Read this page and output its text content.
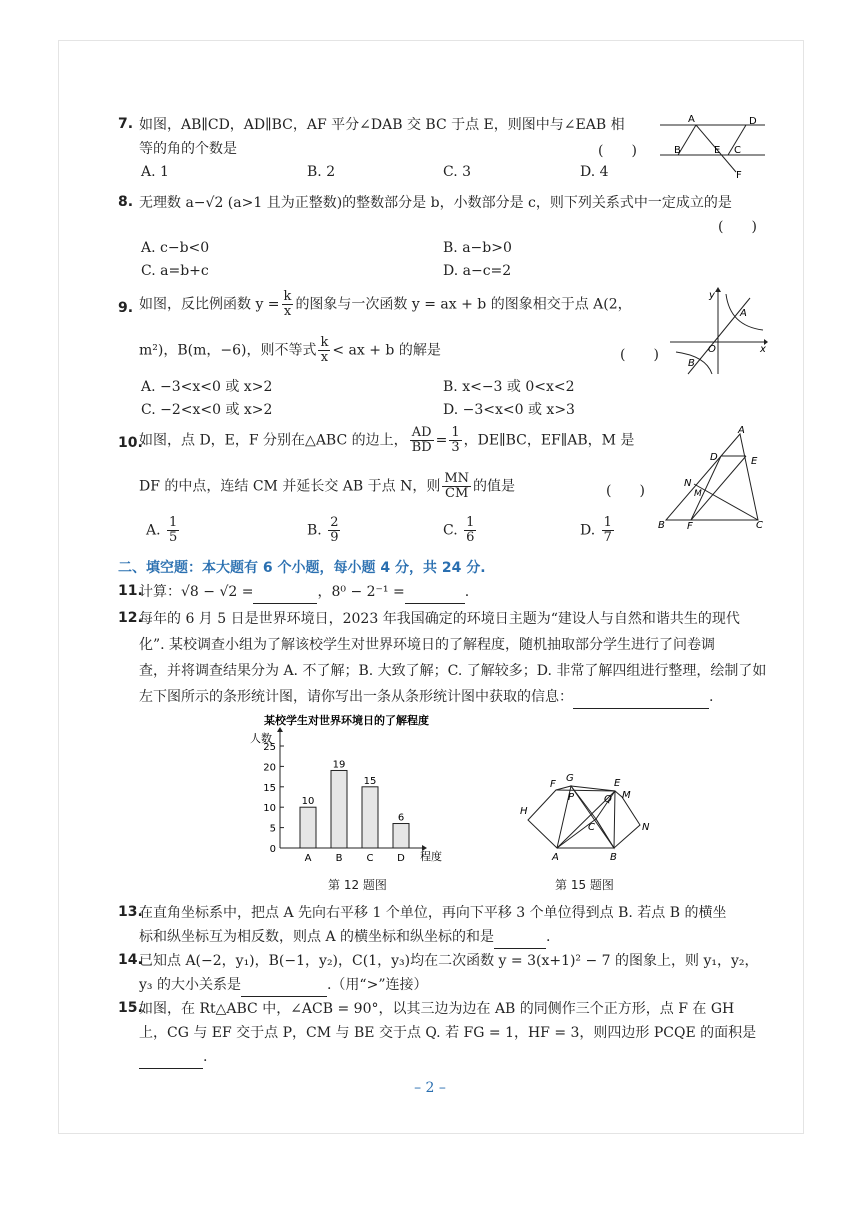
7. 如图，AB∥CD，AD∥BC，AF 平分∠DAB 交 BC 于点 E，则图中与∠EAB 相
等的角的个数是	(　　)
A. 1	B. 2	C. 3	D. 4
A	D
B	E C
F
8. 无理数 a−√2 (a>1 且为正整数)的整数部分是 b，小数部分是 c，则下列关系式中一定成立的是
(　　)
A. c−b<0	B. a−b>0
C. a=b+c	D. a−c=2
9. 如图，反比例函数 $y = \frac{k}{x}$ 的图象与一次函数 y = ax + b 的图象相交于点 A(2，
m²)，B(m，−6)，则不等式 $\frac{k}{x}$ < ax + b 的解是	(　　)
A. −3<x<0 或 x>2	B. x<−3 或 0<x<2
C. −2<x<0 或 x>2	D. −3<x<0 或 x>3
y
A
O	x
B
10.
如图，点 D，E，F 分别在△ABC 的边上， $\frac{AD}{BD} = \frac{1}{3}$ ，DE∥BC，EF∥AB，M 是
DF 的中点，连结 CM 并延长交 AB 于点 N，则 $\frac{MN}{CM}$ 的值是	(　　)
A. $\frac{1}{5}$	B. $\frac{2}{9}$	C. $\frac{1}{6}$	D. $\frac{1}{7}$
A
D	E
N
M
B F	C
二、填空题：本大题有 6 个小题，每小题 4 分，共 24 分.
11.
计算：√8 − √2 =	，8⁰ − 2⁻¹ =	.
12.
每年的 6 月 5 日是世界环境日，2023 年我国确定的环境日主题为“建设人与自然和谐共生的现代
化”. 某校调查小组为了解该校学生对世界环境日的了解程度，随机抽取部分学生进行了问卷调
查，并将调查结果分为 A. 不了解；B. 大致了解；C. 了解较多；D. 非常了解四组进行整理，绘制了如
左下图所示的条形统计图，请你写出一条从条形统计图中获取的信息：	.
某校学生对世界环境日的了解程度
人数
程度
0
5
10
15
20
25
10
A
19
B
15
C
6
D
第 12 题图
F
G	E
M
P	Q
H
C	N
A	B
第 15 题图
13.
在直角坐标系中，把点 A 先向右平移 1 个单位，再向下平移 3 个单位得到点 B. 若点 B 的横坐
标和纵坐标互为相反数，则点 A 的横坐标和纵坐标的和是	.
14.
已知点 A(−2，y₁)，B(−1，y₂)，C(1，y₃)均在二次函数 y = 3(x+1)² − 7 的图象上，则 y₁，y₂，
y₃ 的大小关系是	.（用“>”连接）
15.
如图，在 Rt△ABC 中，∠ACB = 90°，以其三边为边在 AB 的同侧作三个正方形，点 F 在 GH
上，CG 与 EF 交于点 P，CM 与 BE 交于点 Q. 若 FG = 1，HF = 3，则四边形 PCQE 的面积是
.
– 2 –
